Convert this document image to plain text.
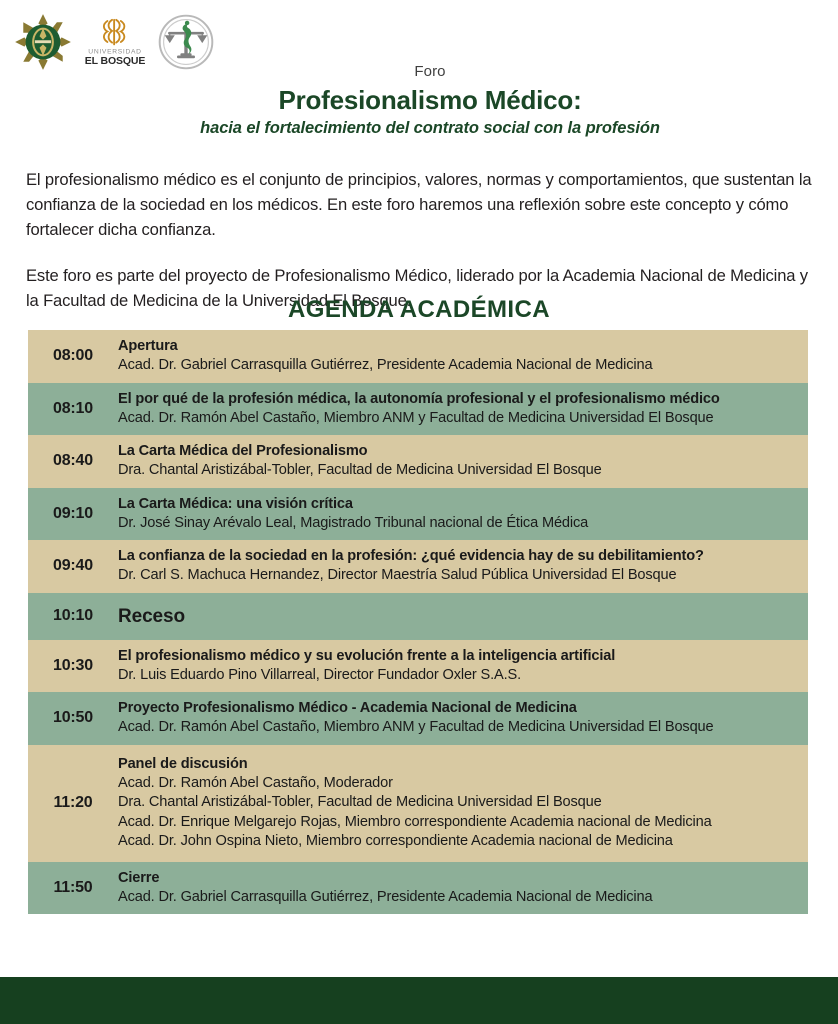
UNIVERSIDAD
EL BOSQUE
Foro
Profesionalismo Médico:
hacia el fortalecimiento del contrato social con la profesión

El profesionalismo médico es el conjunto de principios, valores, normas y comportamientos, que sustentan la confianza de la sociedad en los médicos. En este foro haremos una reflexión sobre este concepto y cómo fortalecer dicha confianza.

Este foro es parte del proyecto de Profesionalismo Médico, liderado por la Academia Nacional de Medicina y la Facultad de Medicina de la Universidad El Bosque.

AGENDA ACADÉMICA
08:00
Apertura
Acad. Dr. Gabriel Carrasquilla Gutiérrez, Presidente Academia Nacional de Medicina
08:10
El por qué de la profesión médica, la autonomía profesional y el profesionalismo médico
Acad. Dr. Ramón Abel Castaño, Miembro ANM y Facultad de Medicina Universidad El Bosque
08:40
La Carta Médica del Profesionalismo
Dra. Chantal Aristizábal-Tobler, Facultad de Medicina Universidad El Bosque
09:10
La Carta Médica: una visión crítica
Dr. José Sinay Arévalo Leal, Magistrado Tribunal nacional de Ética Médica
09:40
La confianza de la sociedad en la profesión: ¿qué evidencia hay de su debilitamiento?
Dr. Carl S. Machuca Hernandez, Director Maestría Salud Pública Universidad El Bosque
10:10	Receso
10:30
El profesionalismo médico y su evolución frente a la inteligencia artificial
Dr. Luis Eduardo Pino Villarreal, Director Fundador Oxler S.A.S.
10:50
Proyecto Profesionalismo Médico - Academia Nacional de Medicina
Acad. Dr. Ramón Abel Castaño, Miembro ANM y Facultad de Medicina Universidad El Bosque
11:20
Panel de discusión
Acad. Dr. Ramón Abel Castaño, Moderador
Dra. Chantal Aristizábal-Tobler, Facultad de Medicina Universidad El Bosque
Acad. Dr. Enrique Melgarejo Rojas, Miembro correspondiente Academia nacional de Medicina
Acad. Dr. John Ospina Nieto, Miembro correspondiente Academia nacional de Medicina
11:50
Cierre
Acad. Dr. Gabriel Carrasquilla Gutiérrez, Presidente Academia Nacional de Medicina
